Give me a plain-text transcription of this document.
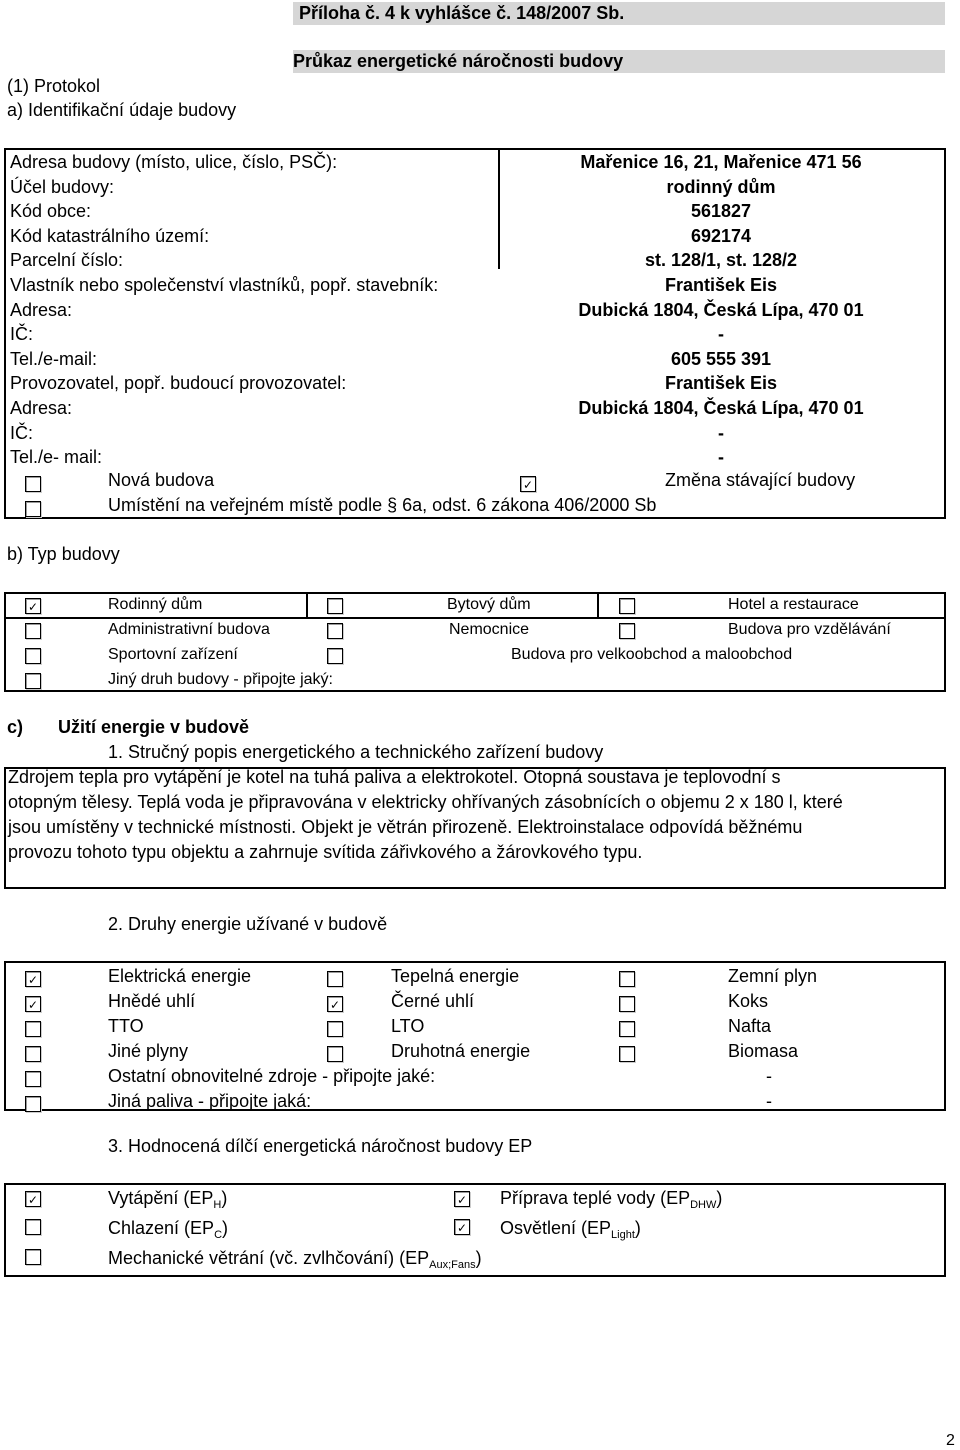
Příloha č. 4 k vyhlášce č. 148/2007 Sb.
Průkaz energetické náročnosti budovy
(1) Protokol
a) Identifikační údaje budovy
Adresa budovy (místo, ulice, číslo, PSČ):	Mařenice 16, 21, Mařenice 471 56
Účel budovy:	rodinný dům
Kód obce:	561827
Kód katastrálního území:	692174
Parcelní číslo:	st. 128/1, st. 128/2
Vlastník nebo společenství vlastníků, popř. stavebník:	František Eis
Adresa:	Dubická 1804, Česká Lípa, 470 01
IČ:	-
Tel./e-mail:	605 555 391
Provozovatel, popř. budoucí provozovatel:	František Eis
Adresa:	Dubická 1804, Česká Lípa, 470 01
IČ:	-
Tel./e- mail:	-
Nová budova	✓	Změna stávající budovy
Umístění na veřejném místě podle § 6a, odst. 6 zákona 406/2000 Sb
b) Typ budovy
✓	Rodinný dům	Bytový dům	Hotel a restaurace
Administrativní budova	Nemocnice	Budova pro vzdělávání
Sportovní zařízení	Budova pro velkoobchod a maloobchod
Jiný druh budovy - připojte jaký:
c) Užití energie v budově
1. Stručný popis energetického a technického zařízení budovy
Zdrojem tepla pro vytápění je kotel na tuhá paliva a elektrokotel. Otopná soustava je teplovodní s
otopným tělesy. Teplá voda je připravována v elektricky ohřívaných zásobnících o objemu 2 x 180 l, které
jsou umístěny v technické místnosti. Objekt je větrán přirozeně. Elektroinstalace odpovídá běžnému
provozu tohoto typu objektu a zahrnuje svítida zářivkového a žárovkového typu.
2. Druhy energie užívané v budově
✓	Elektrická energie	Tepelná energie	Zemní plyn
✓	Hnědé uhlí	✓	Černé uhlí	Koks
TTO	LTO	Nafta
Jiné plyny	Druhotná energie	Biomasa
Ostatní obnovitelné zdroje - připojte jaké:	-
Jiná paliva - připojte jaká:	-
3. Hodnocená dílčí energetická náročnost budovy EP
✓	Vytápění $(EP_H)$	✓ Příprava teplé vody $(EP_{DHW})$
Chlazení $(EP_C)$	✓ Osvětlení $(EP_{Light})$
Mechanické větrání (vč. zvlhčování) $(EP_{Aux;Fans})$
2
